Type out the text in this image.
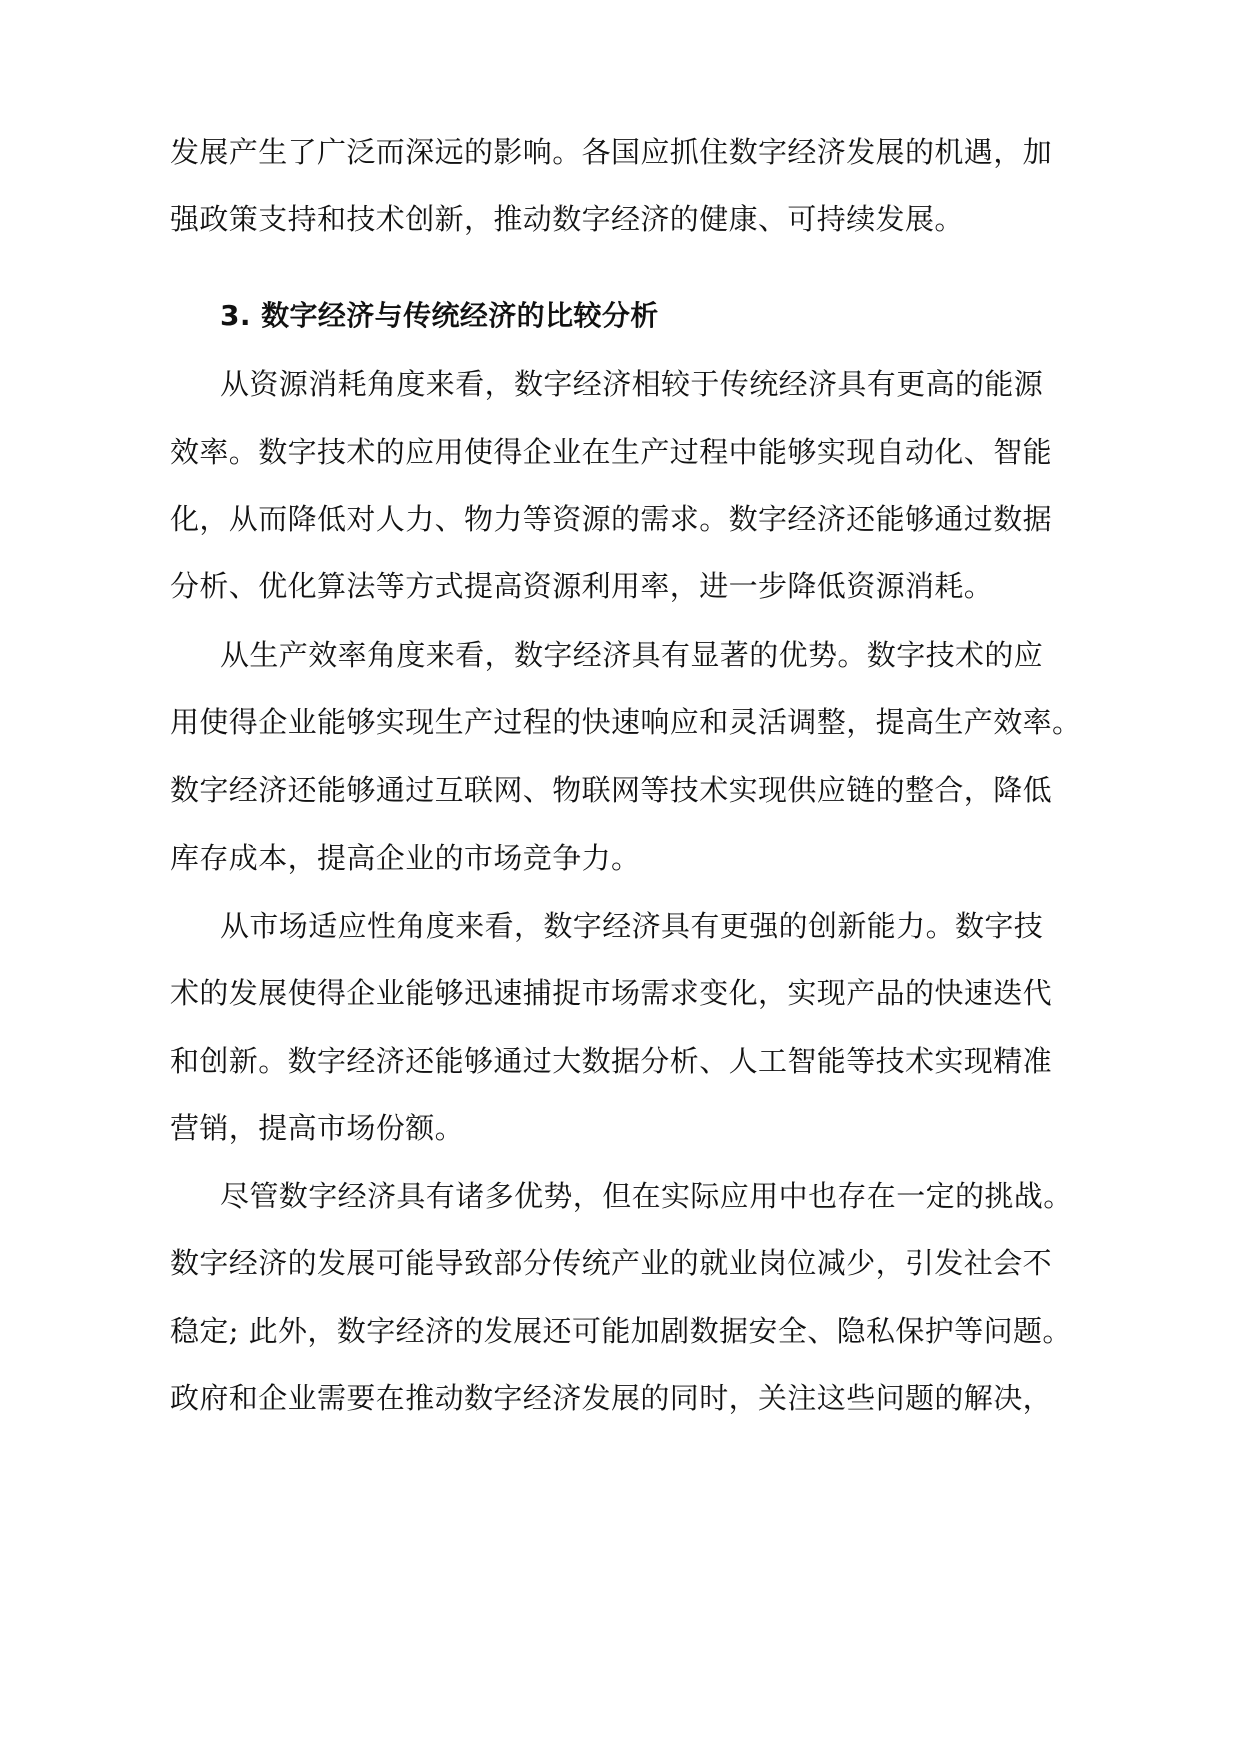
发展产生了广泛而深远的影响。各国应抓住数字经济发展的机遇，加
强政策支持和技术创新，推动数字经济的健康、可持续发展。
3. 数字经济与传统经济的比较分析
从资源消耗角度来看，数字经济相较于传统经济具有更高的能源
效率。数字技术的应用使得企业在生产过程中能够实现自动化、智能
化，从而降低对人力、物力等资源的需求。数字经济还能够通过数据
分析、优化算法等方式提高资源利用率，进一步降低资源消耗。
从生产效率角度来看，数字经济具有显著的优势。数字技术的应
用使得企业能够实现生产过程的快速响应和灵活调整，提高生产效率。
数字经济还能够通过互联网、物联网等技术实现供应链的整合，降低
库存成本，提高企业的市场竞争力。
从市场适应性角度来看，数字经济具有更强的创新能力。数字技
术的发展使得企业能够迅速捕捉市场需求变化，实现产品的快速迭代
和创新。数字经济还能够通过大数据分析、人工智能等技术实现精准
营销，提高市场份额。
尽管数字经济具有诸多优势，但在实际应用中也存在一定的挑战。
数字经济的发展可能导致部分传统产业的就业岗位减少，引发社会不
稳定; 此外，数字经济的发展还可能加剧数据安全、隐私保护等问题。
政府和企业需要在推动数字经济发展的同时，关注这些问题的解决，
